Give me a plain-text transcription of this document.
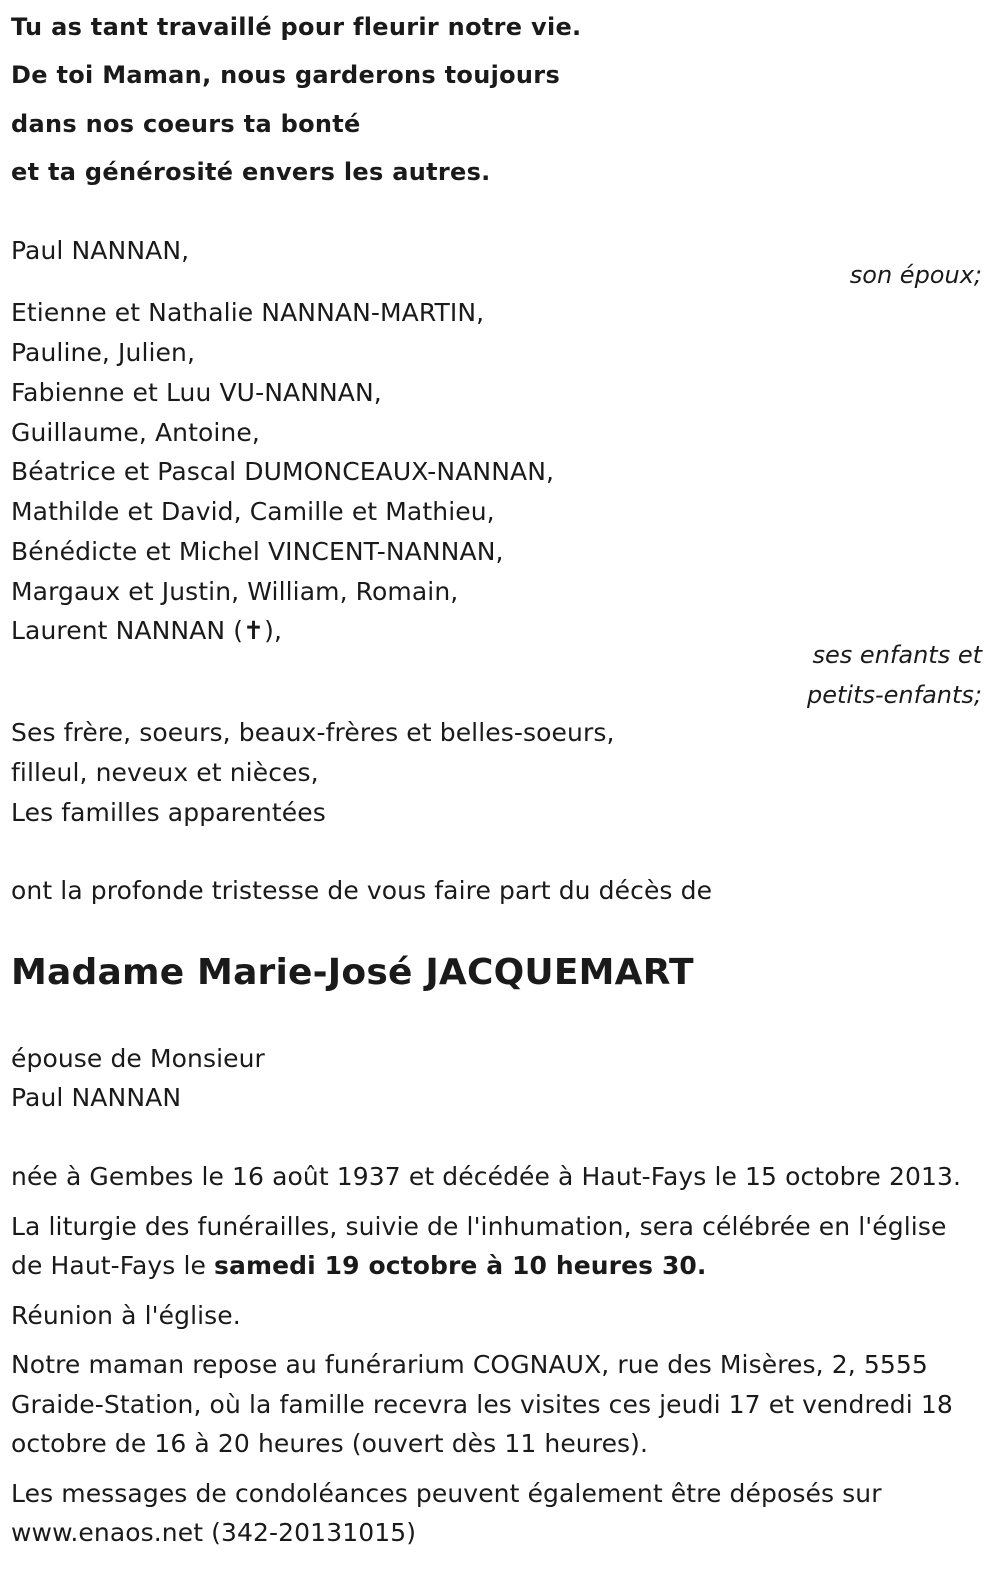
Tu as tant travaillé pour fleurir notre vie.
De toi Maman, nous garderons toujours
dans nos coeurs ta bonté
et ta générosité envers les autres.
Paul NANNAN,
son époux;
Etienne et Nathalie NANNAN-MARTIN,
Pauline, Julien,
Fabienne et Luu VU-NANNAN,
Guillaume, Antoine,
Béatrice et Pascal DUMONCEAUX-NANNAN,
Mathilde et David, Camille et Mathieu,
Bénédicte et Michel VINCENT-NANNAN,
Margaux et Justin, William, Romain,
Laurent NANNAN (✝),
ses enfants et
petits-enfants;
Ses frère, soeurs, beaux-frères et belles-soeurs,
filleul, neveux et nièces,
Les familles apparentées
ont la profonde tristesse de vous faire part du décès de
Madame Marie-José JACQUEMART
épouse de Monsieur
Paul NANNAN
née à Gembes le 16 août 1937 et décédée à Haut-Fays le 15 octobre 2013.
La liturgie des funérailles, suivie de l'inhumation, sera célébrée en l'église
de Haut-Fays le samedi 19 octobre à 10 heures 30.
Réunion à l'église.
Notre maman repose au funérarium COGNAUX, rue des Misères, 2, 5555
Graide-Station, où la famille recevra les visites ces jeudi 17 et vendredi 18
octobre de 16 à 20 heures (ouvert dès 11 heures).
Les messages de condoléances peuvent également être déposés sur
www.enaos.net (342-20131015)
